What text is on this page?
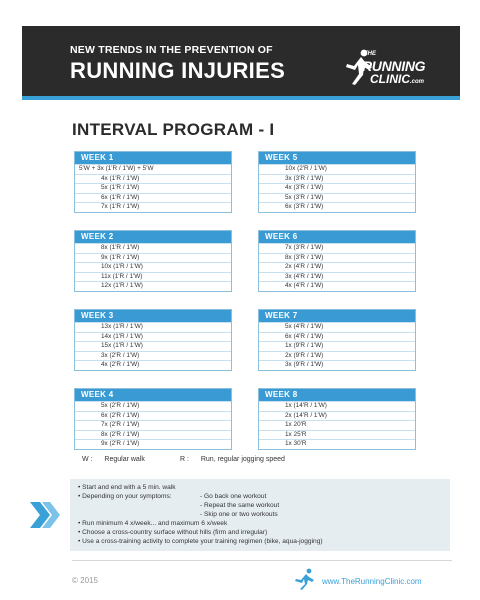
NEW TRENDS IN THE PREVENTION OF
RUNNING INJURIES
THE
RUNNING
CLINIC.com
INTERVAL PROGRAM - I
WEEK 1
5'W + 3x (1'R / 1'W) + 5'W
4x (1'R / 1'W)
5x (1'R / 1'W)
6x (1'R / 1'W)
7x (1'R / 1'W)
WEEK 5
10x (2'R / 1'W)
3x (3'R / 1'W)
4x (3'R / 1'W)
5x (3'R / 1'W)
6x (3'R / 1'W)
WEEK 2
8x (1'R / 1'W)
9x (1'R / 1'W)
10x (1'R / 1'W)
11x (1'R / 1'W)
12x (1'R / 1'W)
WEEK 6
7x (3'R / 1'W)
8x (3'R / 1'W)
2x (4'R / 1'W)
3x (4'R / 1'W)
4x (4'R / 1'W)
WEEK 3
13x (1'R / 1'W)
14x (1'R / 1'W)
15x (1'R / 1'W)
3x (2'R / 1'W)
4x (2'R / 1'W)
WEEK 7
5x (4'R / 1'W)
6x (4'R / 1'W)
1x (9'R / 1'W)
2x (9'R / 1'W)
3x (9'R / 1'W)
WEEK 4
5x (2'R / 1'W)
6x (2'R / 1'W)
7x (2'R / 1'W)
8x (2'R / 1'W)
9x (2'R / 1'W)
WEEK 8
1x (14'R / 1'W)
2x (14'R / 1'W)
1x 20'R
1x 25'R
1x 30'R
W : Regular walk	R : Run, regular jogging speed
• Start and end with a 5 min. walk
• Depending on your symptoms:	- Go back one workout
- Repeat the same workout
- Skip one or two workouts
• Run minimum 4 x/week... and maximum 6 x/week
• Choose a cross-country surface without hills (firm and irregular)
• Use a cross-training activity to complete your training regimen (bike, aqua-jogging)
© 2015	www.TheRunningClinic.com
